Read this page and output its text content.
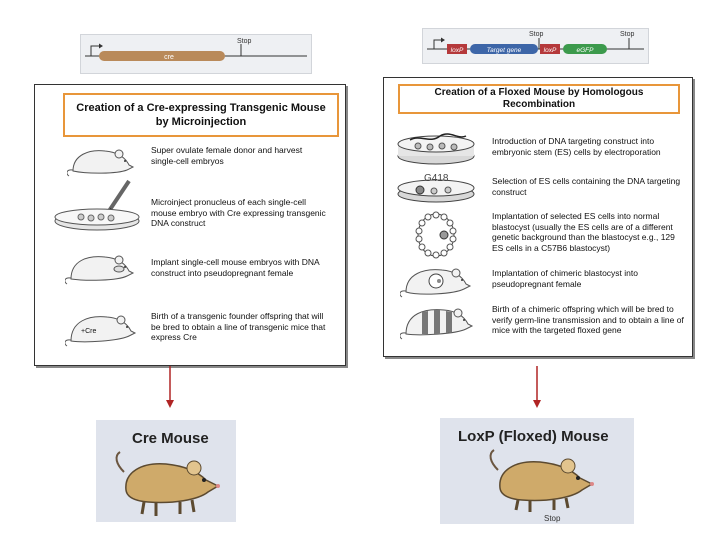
cre
Stop
loxP	Target gene	loxP	eGFP
Stop	Stop
Creation of a Cre-expressing Transgenic Mouse by Microinjection
Super ovulate female donor and harvest single-cell embryos
Microinject pronucleus of each single-cell mouse embryo with Cre expressing transgenic DNA construct
Implant single-cell mouse embryos with DNA construct into pseudopregnant female
+Cre
Birth of a transgenic founder offspring that will be bred to obtain a line of transgenic mice that express Cre
Creation of a Floxed Mouse by Homologous Recombination
Introduction of DNA targeting construct into embryonic stem (ES) cells by electroporation
G418	Selection of ES cells containing the DNA targeting construct
Implantation of selected ES cells into normal blastocyst (usually the ES cells are of a different genetic background than the blastocyst e.g., 129 ES cells in a C57B6 blastocyst)
Implantation of chimeric blastocyst into pseudopregnant female
Birth of a chimeric offspring which will be bred to verify germ-line transmission and to obtain a line of mice with the targeted floxed gene
Cre Mouse	LoxP (Floxed) Mouse
Stop
